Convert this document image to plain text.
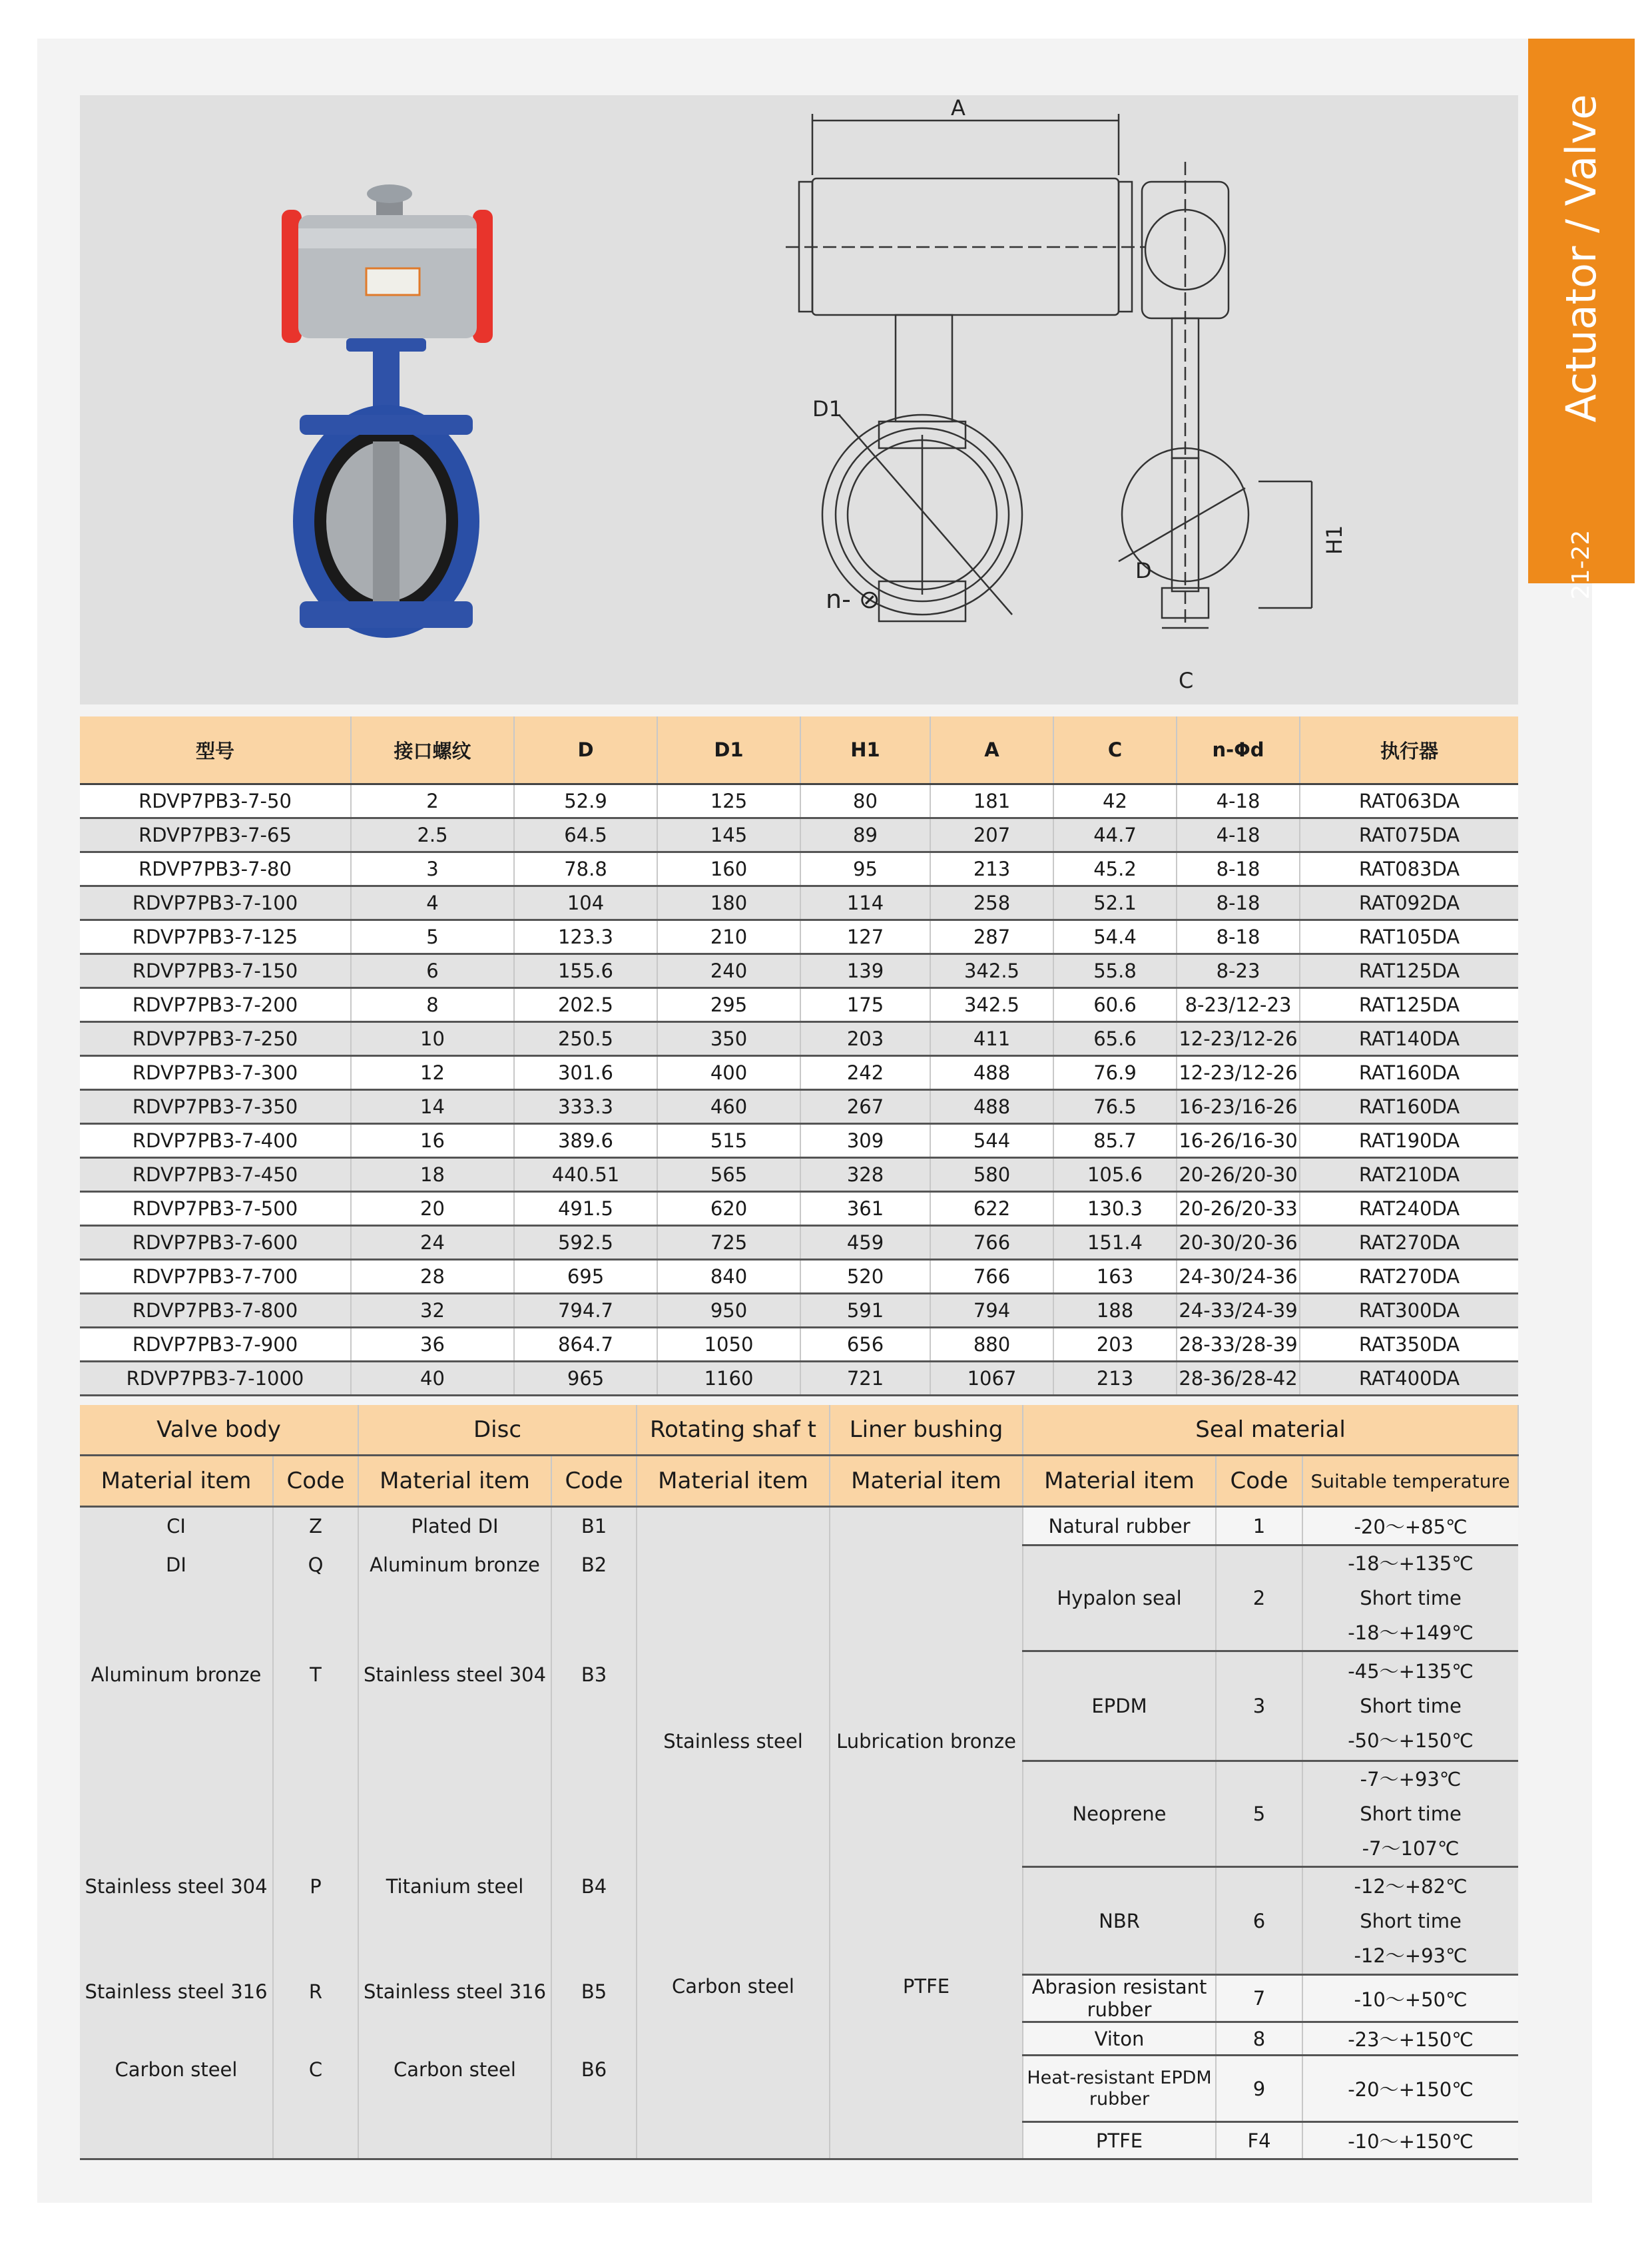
Actuator / Valve
21-22
A
D1
n- ⊘
D
H1
C
型号	接口螺纹	D	D1	H1	A	C	n-Φd	执行器
RDVP7PB3-7-50	2	52.9	125	80	181	42	4-18	RAT063DA
RDVP7PB3-7-65	2.5	64.5	145	89	207	44.7	4-18	RAT075DA
RDVP7PB3-7-80	3	78.8	160	95	213	45.2	8-18	RAT083DA
RDVP7PB3-7-100	4	104	180	114	258	52.1	8-18	RAT092DA
RDVP7PB3-7-125	5	123.3	210	127	287	54.4	8-18	RAT105DA
RDVP7PB3-7-150	6	155.6	240	139	342.5	55.8	8-23	RAT125DA
RDVP7PB3-7-200	8	202.5	295	175	342.5	60.6	8-23/12-23	RAT125DA
RDVP7PB3-7-250	10	250.5	350	203	411	65.6	12-23/12-26	RAT140DA
RDVP7PB3-7-300	12	301.6	400	242	488	76.9	12-23/12-26	RAT160DA
RDVP7PB3-7-350	14	333.3	460	267	488	76.5	16-23/16-26	RAT160DA
RDVP7PB3-7-400	16	389.6	515	309	544	85.7	16-26/16-30	RAT190DA
RDVP7PB3-7-450	18	440.51	565	328	580	105.6	20-26/20-30	RAT210DA
RDVP7PB3-7-500	20	491.5	620	361	622	130.3	20-26/20-33	RAT240DA
RDVP7PB3-7-600	24	592.5	725	459	766	151.4	20-30/20-36	RAT270DA
RDVP7PB3-7-700	28	695	840	520	766	163	24-30/24-36	RAT270DA
RDVP7PB3-7-800	32	794.7	950	591	794	188	24-33/24-39	RAT300DA
RDVP7PB3-7-900	36	864.7	1050	656	880	203	28-33/28-39	RAT350DA
RDVP7PB3-7-1000	40	965	1160	721	1067	213	28-36/28-42	RAT400DA
Valve body		Disc		Rotating shaf t	Liner bushing	Seal material		
Material item	Code	Material item	Code	Material item	Material item	Material item	Code	Suitable temperature
CI	Z	Plated DI	B1	Stainless steel	Lubrication bronze	Natural rubber	1	-20～+85℃

DI	Q	Aluminum bronze	B2			Hypalon seal	2	-18～+135℃
Short time
-18～+149℃

Aluminum bronze	T	Stainless steel 304	B3			EPDM	3	-45～+135℃
Short time
-50～+150℃

						Neoprene	5	-7～+93℃
Short time
-7～107℃

Stainless steel 304	P	Titanium steel	B4			NBR	6	-12～+82℃
Short time
-12～+93℃

Stainless steel 316	R	Stainless steel 316	B5	Carbon steel	PTFE	Abrasion resistant rubber	7	-10～+50℃
						Viton	8	-23～+150℃

Carbon steel	C	Carbon steel	B6			Heat-resistant EPDM rubber	9	-20～+150℃
						PTFE	F4	-10～+150℃
